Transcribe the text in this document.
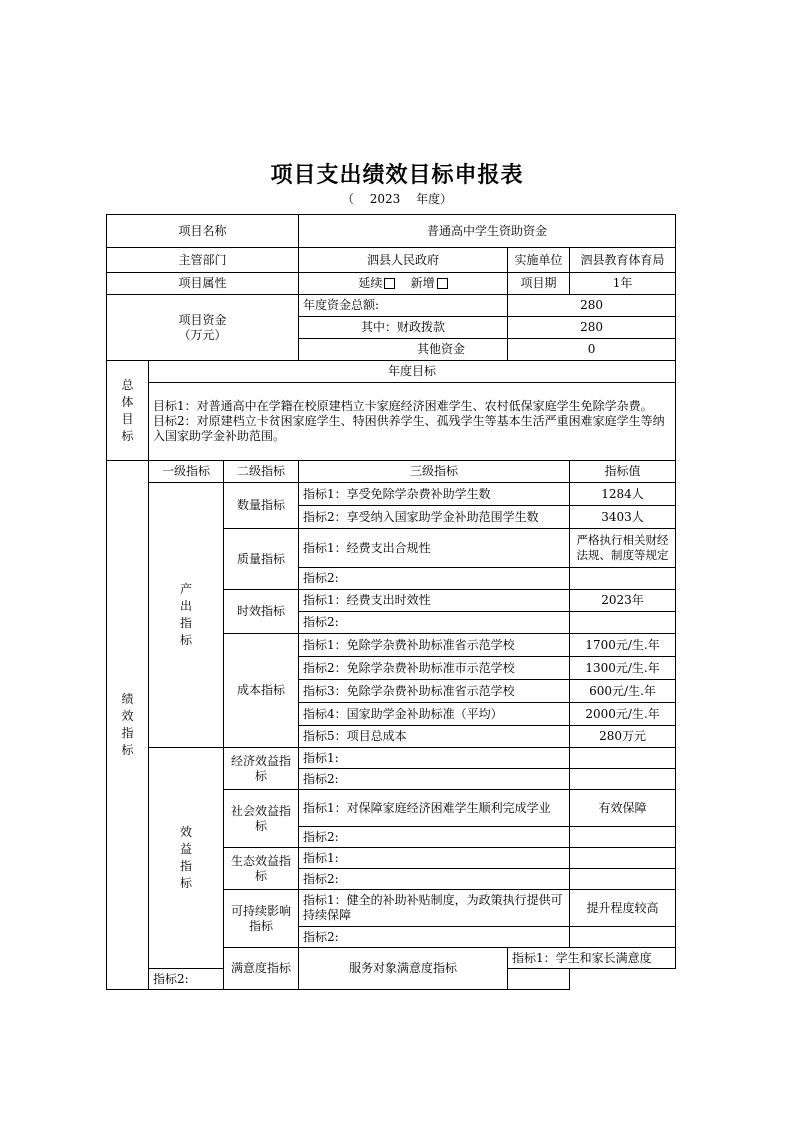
项目支出绩效目标申报表
（ 2023 年度）
项目名称			普通高中学生资助资金			
主管部门			泗县人民政府	实施单位	泗县教育体育局	
项目属性			延续 新增	项目期	1年	

项目资金
（万元）			年度资金总额:	280		
			其中：财政拨款	280		
			其他资金	0		

总体目标	年度目标					

	目标1：对普通高中在学籍在校原建档立卡家庭经济困难学生、农村低保家庭学生免除学杂费。
目标2：对原建档立卡贫困家庭学生、特困供养学生、孤残学生等基本生活严重困难家庭学生等纳入国家助学金补助范围。					

绩效指标	一级指标	二级指标	三级指标		指标值	

	产出指标	数量指标	指标1：享受免除学杂费补助学生数		1284人	
			指标2：享受纳入国家助学金补助范围学生数		3403人	
		质量指标	指标1：经费支出合规性		严格执行相关财经法规、制度等规定	
			指标2:			
		时效指标	指标1：经费支出时效性		2023年	
			指标2:			
		成本指标	指标1：免除学杂费补助标准省示范学校		1700元/生.年	
			指标2：免除学杂费补助标准市示范学校		1300元/生.年	
			指标3：免除学杂费补助标准省示范学校		600元/生.年	
			指标4：国家助学金补助标准（平均）		2000元/生.年	
			指标5：项目总成本		280万元	

	效益指标	经济效益指标	指标1:			
			指标2:			
		社会效益指标	指标1：对保障家庭经济困难学生顺利完成学业		有效保障	
			指标2:			
		生态效益指标	指标1:			
			指标2:			
		可持续影响指标	指标1：健全的补助补贴制度，为政策执行提供可持续保障		提升程度较高	
			指标2:			
		满意度指标	服务对象满意度指标	指标1：学生和家长满意度	
	指标2:					
